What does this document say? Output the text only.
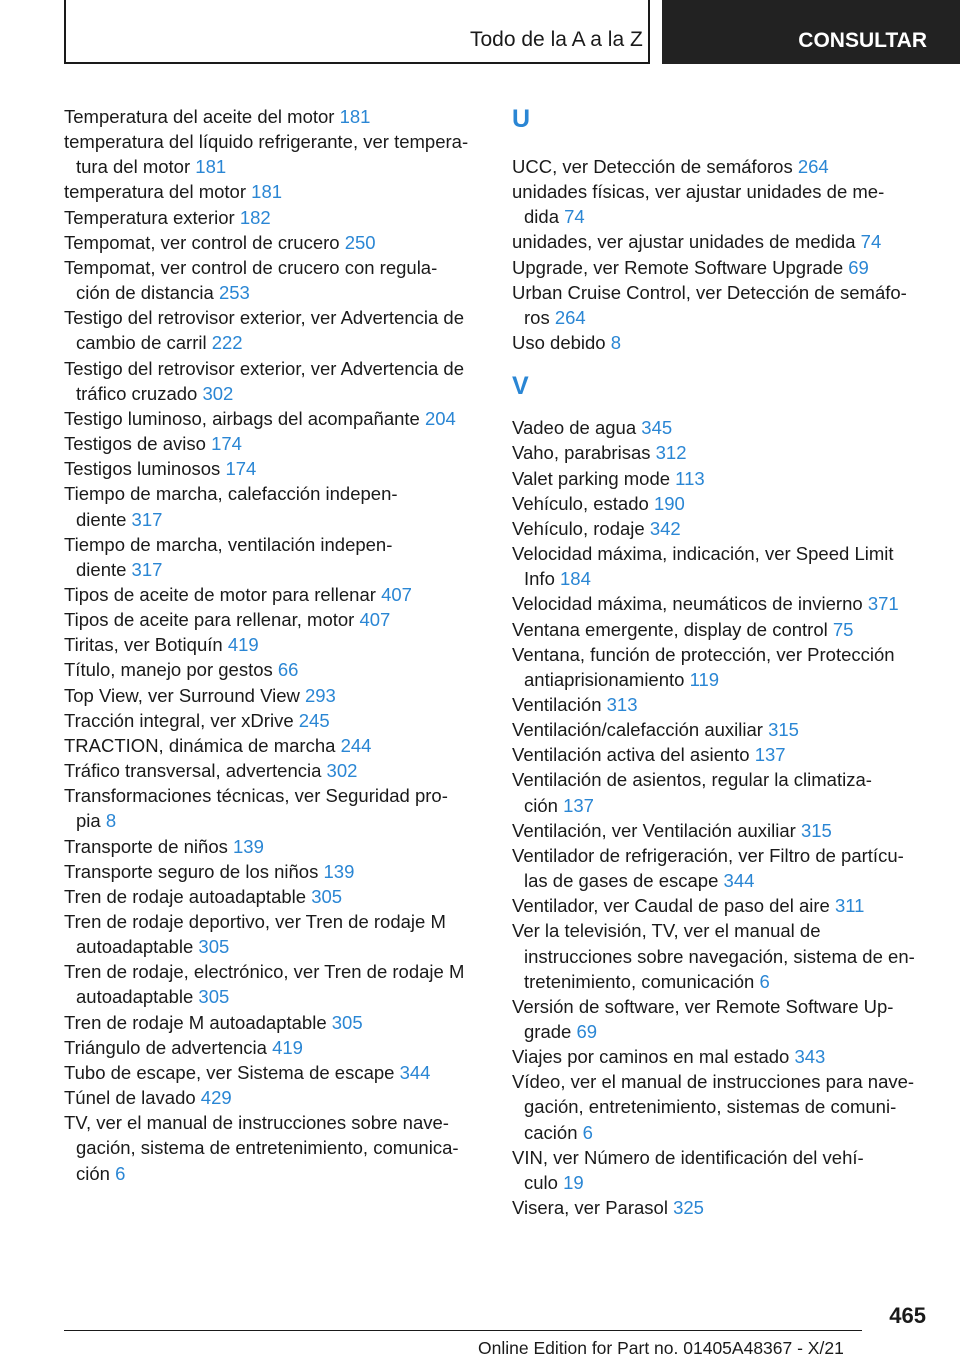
Todo de la A a la Z	CONSULTAR
Temperatura del aceite del motor 181
temperatura del líquido refrigerante, ver tempera-
tura del motor 181
temperatura del motor 181
Temperatura exterior 182
Tempomat, ver control de crucero 250
Tempomat, ver control de crucero con regula-
ción de distancia 253
Testigo del retrovisor exterior, ver Advertencia de
cambio de carril 222
Testigo del retrovisor exterior, ver Advertencia de
tráfico cruzado 302
Testigo luminoso, airbags del acompañante 204
Testigos de aviso 174
Testigos luminosos 174
Tiempo de marcha, calefacción indepen-
diente 317
Tiempo de marcha, ventilación indepen-
diente 317
Tipos de aceite de motor para rellenar 407
Tipos de aceite para rellenar, motor 407
Tiritas, ver Botiquín 419
Título, manejo por gestos 66
Top View, ver Surround View 293
Tracción integral, ver xDrive 245
TRACTION, dinámica de marcha 244
Tráfico transversal, advertencia 302
Transformaciones técnicas, ver Seguridad pro-
pia 8
Transporte de niños 139
Transporte seguro de los niños 139
Tren de rodaje autoadaptable 305
Tren de rodaje deportivo, ver Tren de rodaje M
autoadaptable 305
Tren de rodaje, electrónico, ver Tren de rodaje M
autoadaptable 305
Tren de rodaje M autoadaptable 305
Triángulo de advertencia 419
Tubo de escape, ver Sistema de escape 344
Túnel de lavado 429
TV, ver el manual de instrucciones sobre nave-
gación, sistema de entretenimiento, comunica-
ción 6
U
UCC, ver Detección de semáforos 264
unidades físicas, ver ajustar unidades de me-
dida 74
unidades, ver ajustar unidades de medida 74
Upgrade, ver Remote Software Upgrade 69
Urban Cruise Control, ver Detección de semáfo-
ros 264
Uso debido 8
V
Vadeo de agua 345
Vaho, parabrisas 312
Valet parking mode 113
Vehículo, estado 190
Vehículo, rodaje 342
Velocidad máxima, indicación, ver Speed Limit
Info 184
Velocidad máxima, neumáticos de invierno 371
Ventana emergente, display de control 75
Ventana, función de protección, ver Protección
antiaprisionamiento 119
Ventilación 313
Ventilación/calefacción auxiliar 315
Ventilación activa del asiento 137
Ventilación de asientos, regular la climatiza-
ción 137
Ventilación, ver Ventilación auxiliar 315
Ventilador de refrigeración, ver Filtro de partícu-
las de gases de escape 344
Ventilador, ver Caudal de paso del aire 311
Ver la televisión, TV, ver el manual de
instrucciones sobre navegación, sistema de en-
tretenimiento, comunicación 6
Versión de software, ver Remote Software Up-
grade 69
Viajes por caminos en mal estado 343
Vídeo, ver el manual de instrucciones para nave-
gación, entretenimiento, sistemas de comuni-
cación 6
VIN, ver Número de identificación del vehí-
culo 19
Visera, ver Parasol 325
465
Online Edition for Part no. 01405A48367 - X/21
